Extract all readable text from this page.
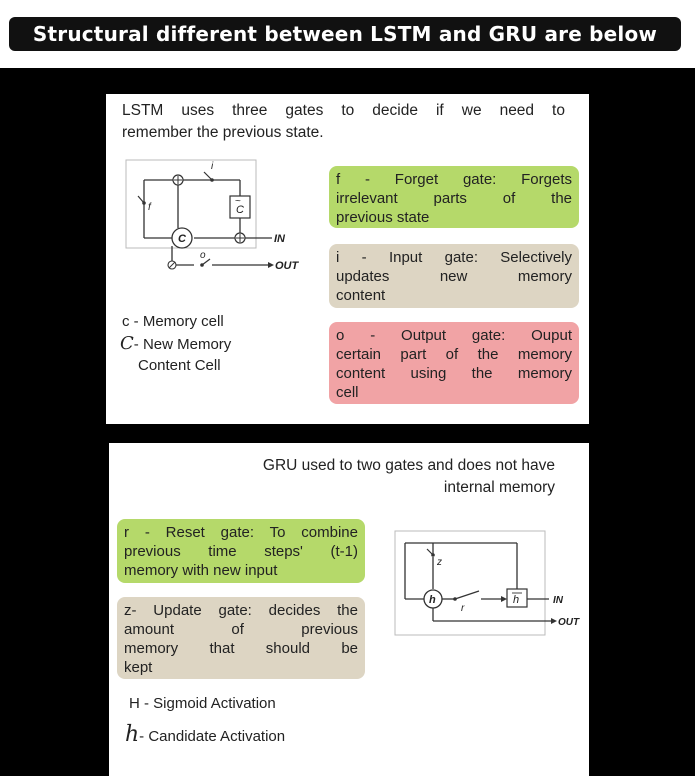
Structural different between LSTM and GRU are below
LSTM uses three gates to decide if we need to
remember the previous state.
i
C
~
IN
C
f
o
OUT
c - Memory cell
C- New Memory
Content Cell
f - Forget gate: Forgets
irrelevant parts of the
previous state
i - Input gate: Selectively
updates new memory
content
o - Output gate: Ouput
certain part of the memory
content using the memory
cell
GRU used to two gates and does not have
internal memory
r - Reset gate: To combine
previous time steps' (t-1)
memory with new input
z- Update gate: decides the
amount of previous
memory that should be
kept
z
h
r
h	IN
OUT
H - Sigmoid Activation
h- Candidate Activation
